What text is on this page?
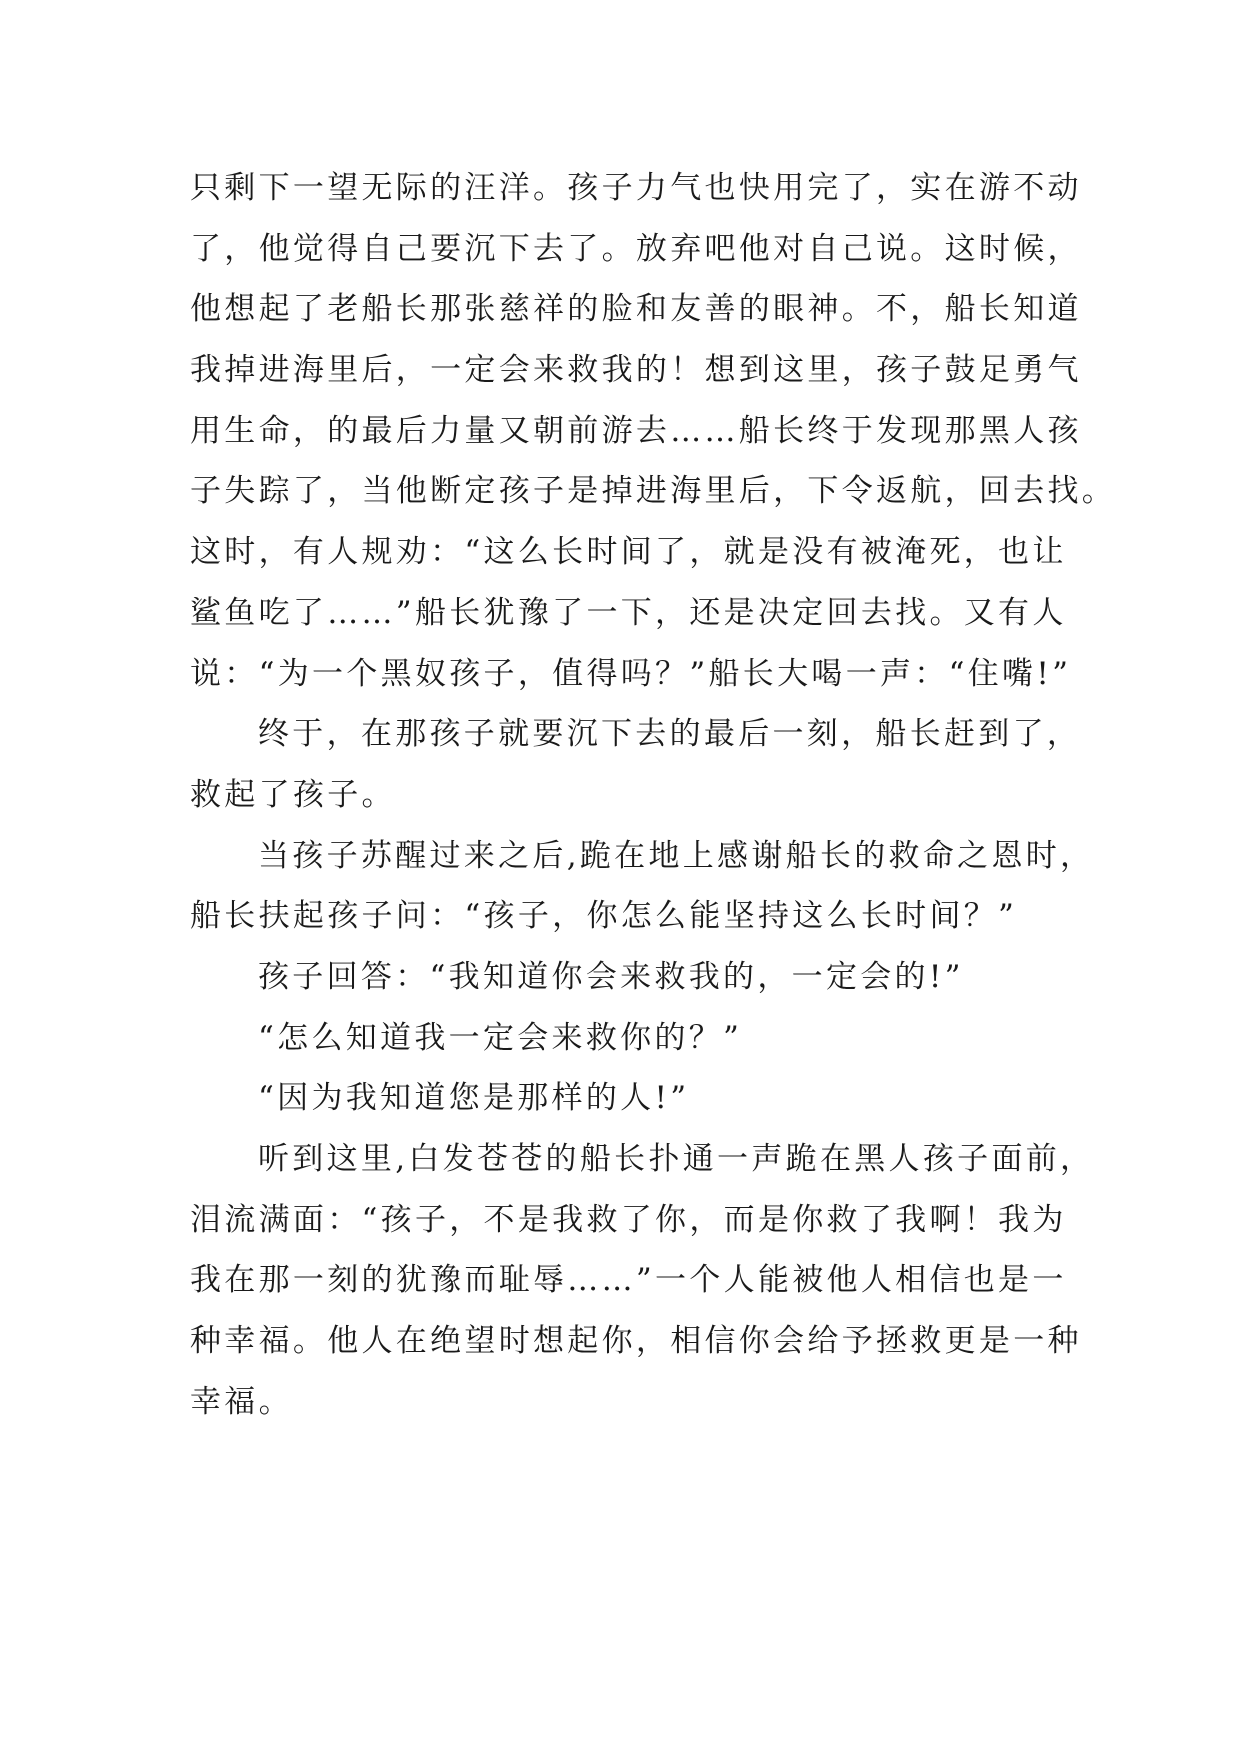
只剩下一望无际的汪洋。孩子力气也快用完了，实在游不动
了，他觉得自己要沉下去了。放弃吧他对自己说。这时候，
他想起了老船长那张慈祥的脸和友善的眼神。不，船长知道
我掉进海里后，一定会来救我的！想到这里，孩子鼓足勇气
用生命，的最后力量又朝前游去……船长终于发现那黑人孩
子失踪了，当他断定孩子是掉进海里后，下令返航，回去找。
这时，有人规劝：“这么长时间了，就是没有被淹死，也让
鲨鱼吃了……”船长犹豫了一下，还是决定回去找。又有人
说：“为一个黑奴孩子，值得吗？”船长大喝一声：“住嘴!”
终于，在那孩子就要沉下去的最后一刻，船长赶到了，
救起了孩子。
当孩子苏醒过来之后,跪在地上感谢船长的救命之恩时，
船长扶起孩子问：“孩子，你怎么能坚持这么长时间？”
孩子回答：“我知道你会来救我的，一定会的!”
“怎么知道我一定会来救你的？”
“因为我知道您是那样的人!”
听到这里,白发苍苍的船长扑通一声跪在黑人孩子面前，
泪流满面：“孩子，不是我救了你，而是你救了我啊！我为
我在那一刻的犹豫而耻辱……”一个人能被他人相信也是一
种幸福。他人在绝望时想起你，相信你会给予拯救更是一种
幸福。
